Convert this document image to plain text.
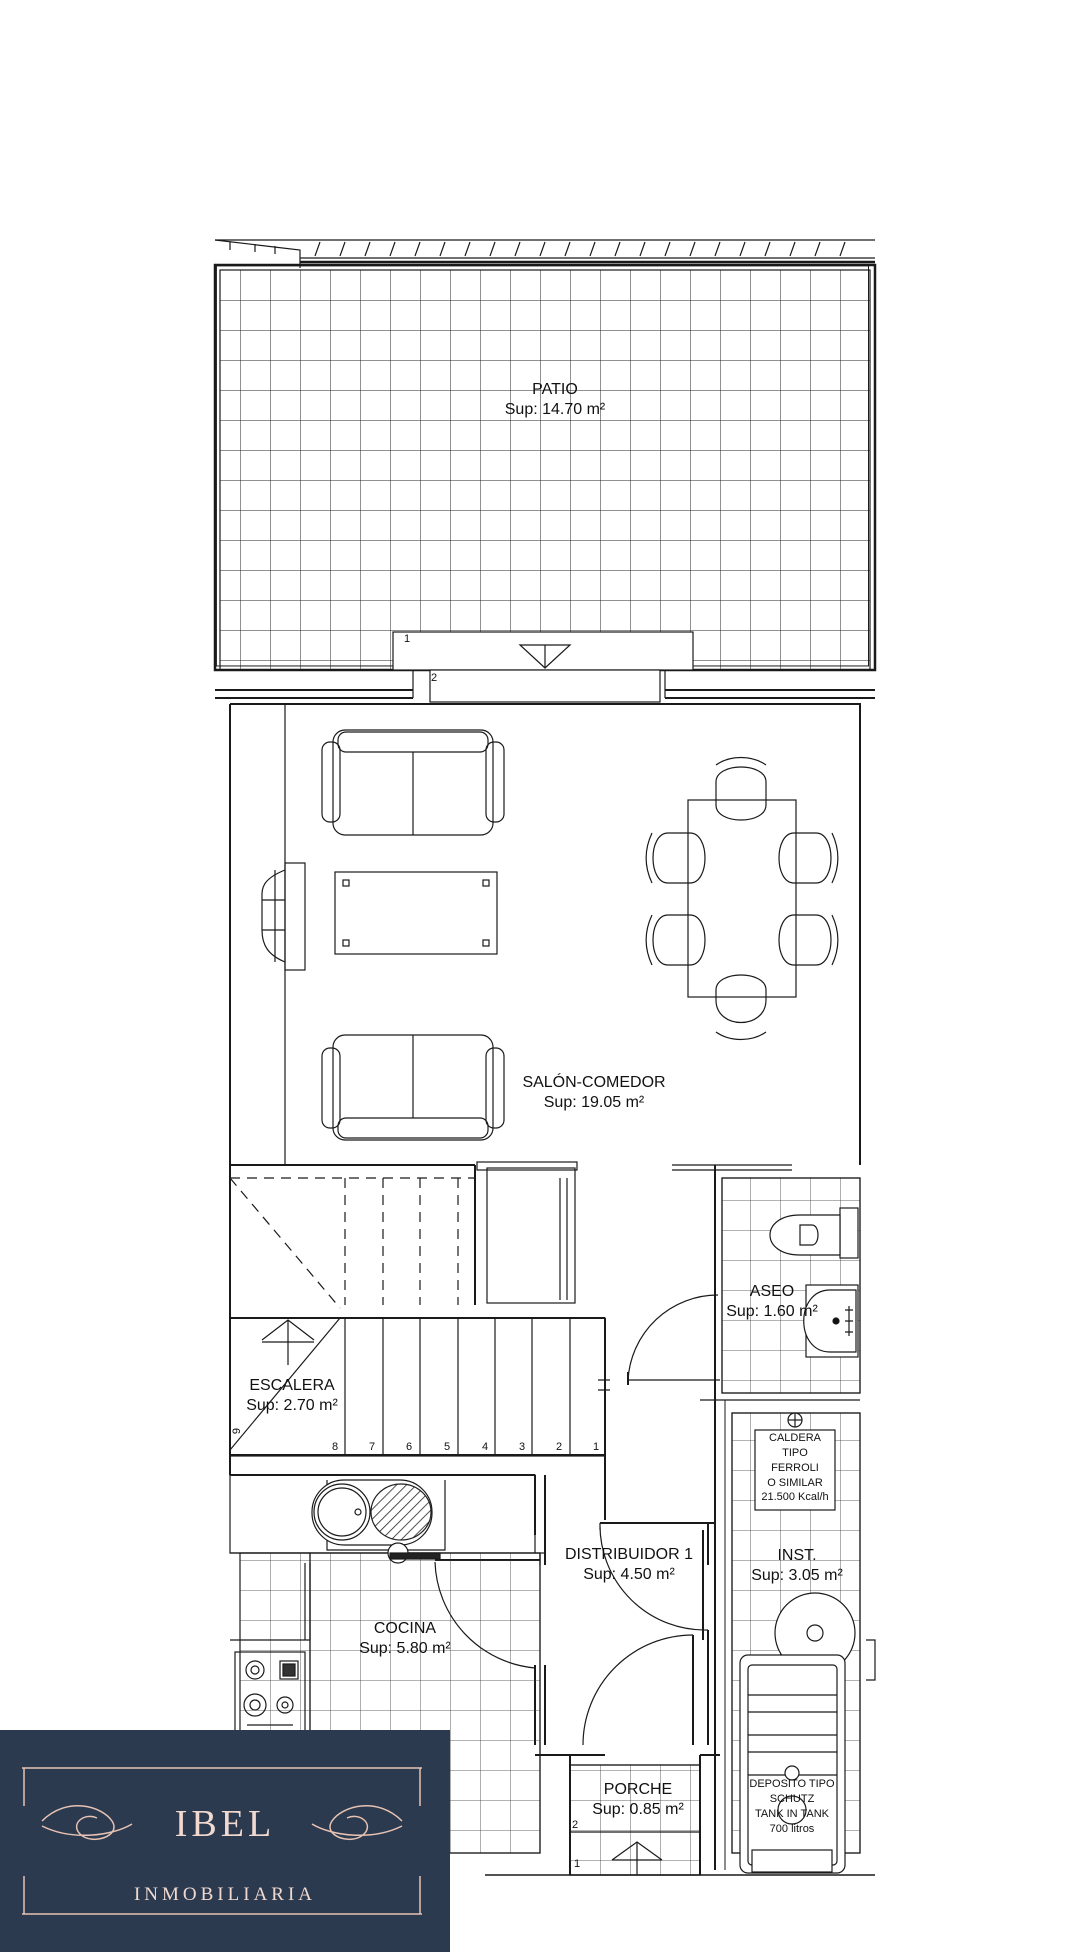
PATIO
Sup: 14.70 m²
SALÓN-COMEDOR
Sup: 19.05 m²
ASEO
Sup: 1.60 m²
ESCALERA
Sup: 2.70 m²
DISTRIBUIDOR 1
Sup: 4.50 m²
INST.
Sup: 3.05 m²
COCINA
Sup: 5.80 m²
PORCHE
Sup: 0.85 m²
CALDERA
TIPO
FERROLI
O SIMILAR
21.500 Kcal/h
DEPOSITO TIPO
SCHUTZ
TANK IN TANK
700 litros
9
8	7	6	5	4	3	2	1
1
2
1
2
IBEL
INMOBILIARIA
